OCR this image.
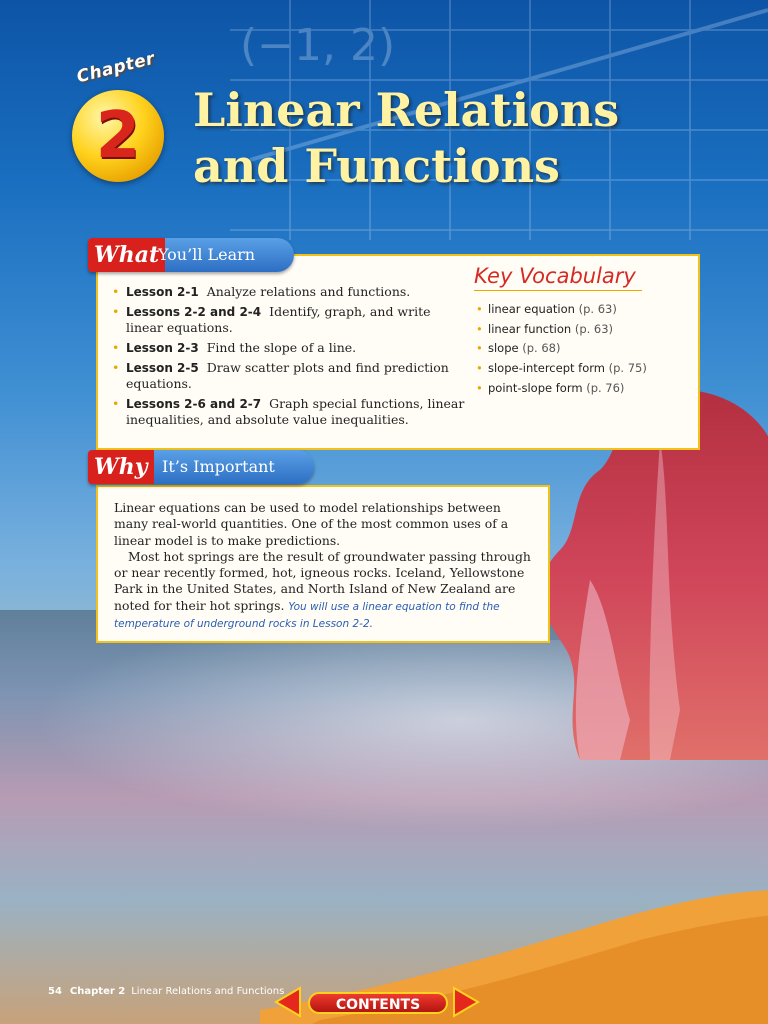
(−1, 2)
Chapter
2	Linear Relations
and Functions
What
You’ll Learn
• Lesson 2-1 Analyze relations and functions.
• Lessons 2-2 and 2-4 Identify, graph, and write linear equations.
• Lesson 2-3 Find the slope of a line.
• Lesson 2-5 Draw scatter plots and find prediction equations.
• Lessons 2-6 and 2-7 Graph special functions, linear inequalities, and absolute value inequalities.
Key Vocabulary
• linear equation (p. 63)
• linear function (p. 63)
• slope (p. 68)
• slope-intercept form (p. 75)
• point-slope form (p. 76)
Why It’s Important

Linear equations can be used to model relationships between many real-world quantities. One of the most common uses of a linear model is to make predictions.

Most hot springs are the result of groundwater passing through or near recently formed, hot, igneous rocks. Iceland, Yellowstone Park in the United States, and North Island of New Zealand are noted for their hot springs. You will use a linear equation to find the temperature of underground rocks in Lesson 2-2.

54 Chapter 2 Linear Relations and Functions
CONTENTS
